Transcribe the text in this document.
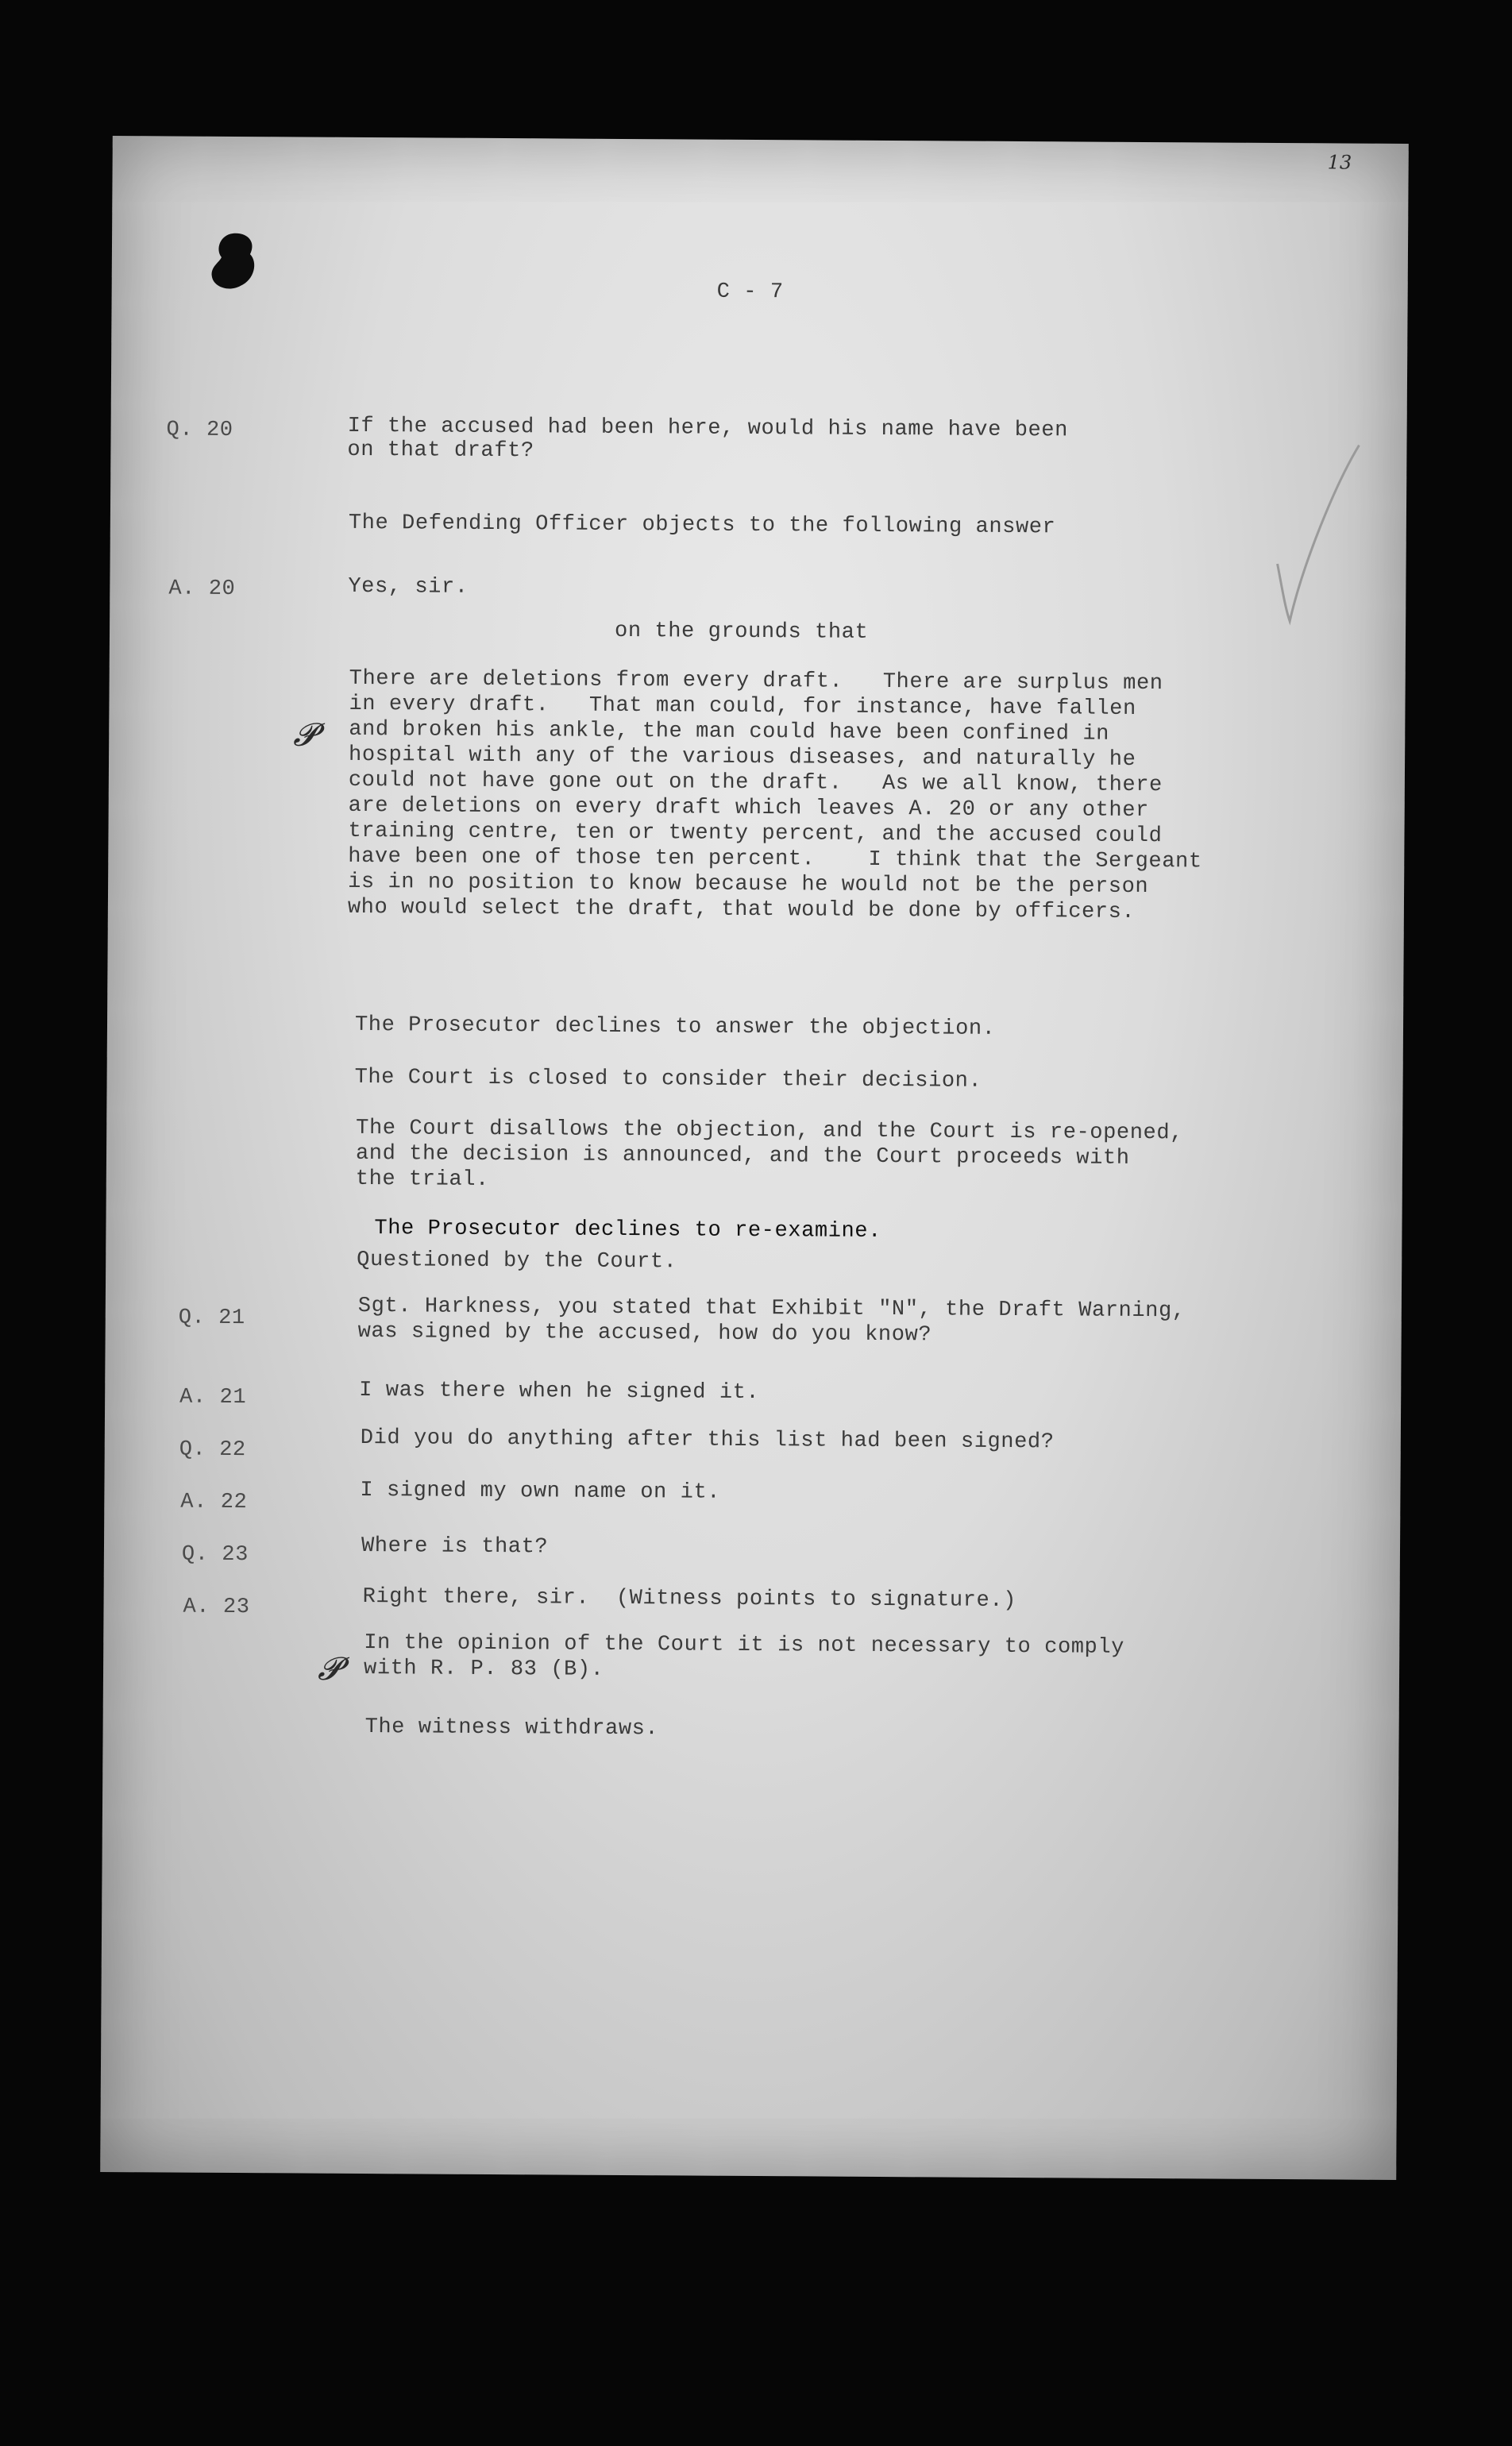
13
C - 7
Q. 20	If the accused had been here, would his name have been
on that draft?
The Defending Officer objects to the following answer
A. 20	Yes, sir.
on the grounds that
𝓟
There are deletions from every draft.   There are surplus men
in every draft.   That man could, for instance, have fallen
and broken his ankle, the man could have been confined in
hospital with any of the various diseases, and naturally he
could not have gone out on the draft.   As we all know, there
are deletions on every draft which leaves A. 20 or any other
training centre, ten or twenty percent, and the accused could
have been one of those ten percent.    I think that the Sergeant
is in no position to know because he would not be the person
who would select the draft, that would be done by officers.
The Prosecutor declines to answer the objection.
The Court is closed to consider their decision.
The Court disallows the objection, and the Court is re-opened,
and the decision is announced, and the Court proceeds with
the trial.
The Prosecutor declines to re-examine.
Questioned by the Court.
Q. 21	Sgt. Harkness, you stated that Exhibit "N", the Draft Warning,
was signed by the accused, how do you know?
A. 21	I was there when he signed it.
Q. 22	Did you do anything after this list had been signed?
A. 22	I signed my own name on it.
Q. 23	Where is that?
A. 23	Right there, sir.  (Witness points to signature.)
𝓟
In the opinion of the Court it is not necessary to comply
with R. P. 83 (B).
The witness withdraws.
